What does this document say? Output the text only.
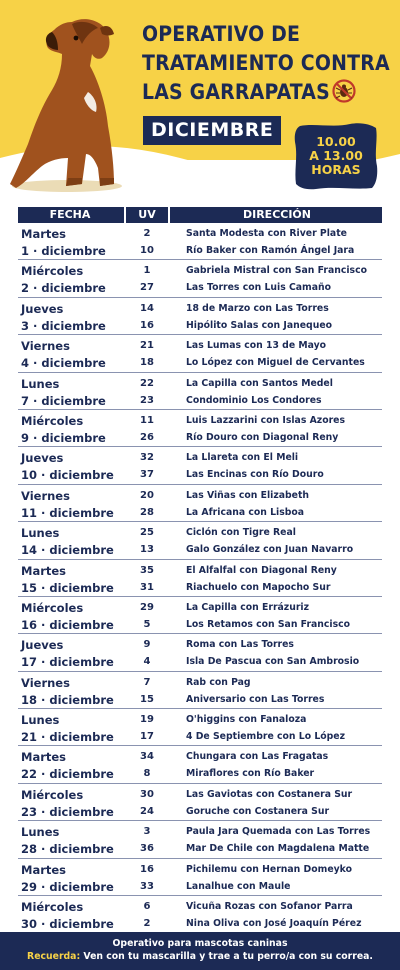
OPERATIVO DE
TRATAMIENTO CONTRA
LAS GARRAPATAS
DICIEMBRE
10.00
A 13.00
HORAS
FECHA	UV	DIRECCIÓN
Martes
1 · diciembre
2
10
Santa Modesta con River Plate
Río Baker con Ramón Ángel Jara
Miércoles
2 · diciembre
1
27
Gabriela Mistral con San Francisco
Las Torres con Luis Camaño
Jueves
3 · diciembre
14
16
18 de Marzo con Las Torres
Hipólito Salas con Janequeo
Viernes
4 · diciembre
21
18
Las Lumas con 13 de Mayo
Lo López con Miguel de Cervantes
Lunes
7 · diciembre
22
23
La Capilla con Santos Medel
Condominio Los Condores
Miércoles
9 · diciembre
11
26
Luis Lazzarini con Islas Azores
Río Douro con Diagonal Reny
Jueves
10 · diciembre
32
37
La Llareta con El Meli
Las Encinas con Río Douro
Viernes
11 · diciembre
20
28
Las Viñas con Elizabeth
La Africana con Lisboa
Lunes
14 · diciembre
25
13
Ciclón con Tigre Real
Galo González con Juan Navarro
Martes
15 · diciembre
35
31
El Alfalfal con Diagonal Reny
Riachuelo con Mapocho Sur
Miércoles
16 · diciembre
29
5
La Capilla con Errázuriz
Los Retamos con San Francisco
Jueves
17 · diciembre
9
4
Roma con Las Torres
Isla De Pascua con San Ambrosio
Viernes
18 · diciembre
7
15
Rab con Pag
Aniversario con Las Torres
Lunes
21 · diciembre
19
17
O'higgins con Fanaloza
4 De Septiembre con Lo López
Martes
22 · diciembre
34
8
Chungara con Las Fragatas
Miraflores con Río Baker
Miércoles
23 · diciembre
30
24
Las Gaviotas con Costanera Sur
Goruche con Costanera Sur
Lunes
28 · diciembre
3
36
Paula Jara Quemada con Las Torres
Mar De Chile con Magdalena Matte
Martes
29 · diciembre
16
33
Pichilemu con Hernan Domeyko
Lanalhue con Maule
Miércoles
30 · diciembre
6
2
Vicuña Rozas con Sofanor Parra
Nina Oliva con José Joaquín Pérez
Operativo para mascotas caninas
Recuerda: Ven con tu mascarilla y trae a tu perro/a con su correa.
